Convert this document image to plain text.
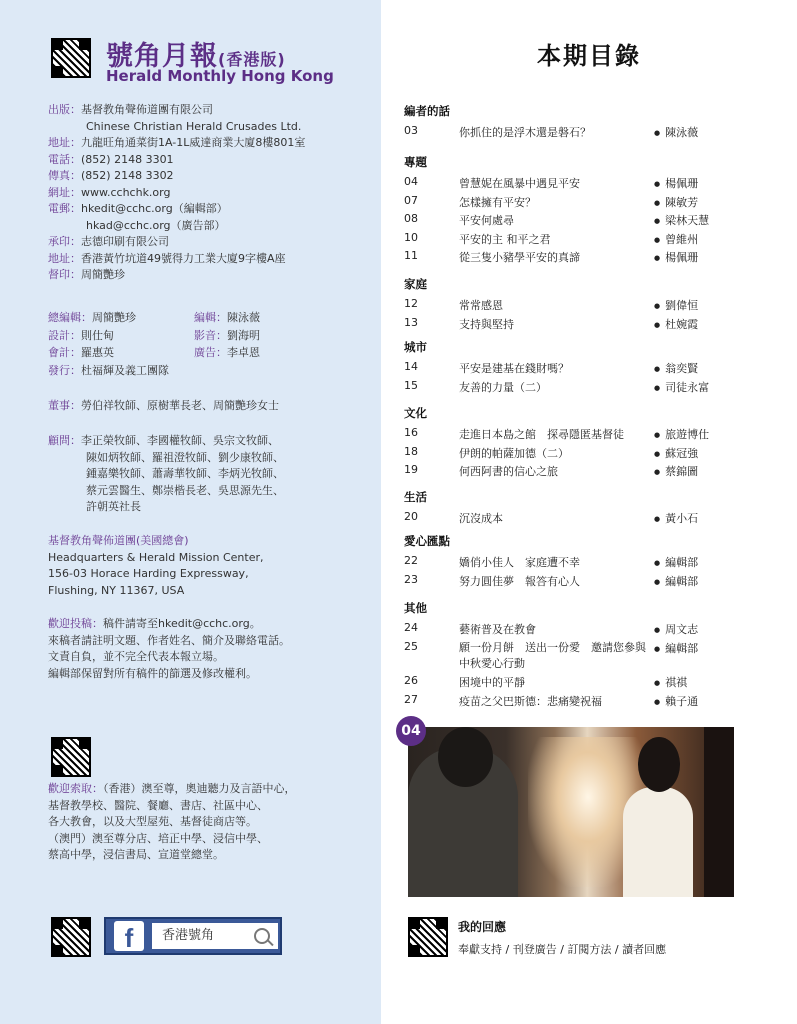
號角月報(香港版)
Herald Monthly Hong Kong
出版：基督教角聲佈道團有限公司
Chinese Christian Herald Crusades Ltd.
地址：九龍旺角通菜街1A-1L威達商業大廈8樓801室
電話：(852) 2148 3301
傳真：(852) 2148 3302
網址：www.cchchk.org
電郵：hkedit@cchc.org（編輯部）
hkad@cchc.org（廣告部）
承印：志德印刷有限公司
地址：香港黃竹坑道49號得力工業大廈9字樓A座
督印：周簡艷珍
總編輯：周簡艷珍	編輯：陳泳薇
設計：則仕甸	影音：劉海明
會計：羅惠英	廣告：李卓恩
發行：杜福輝及義工團隊
董事：勞伯祥牧師、原樹華長老、周簡艷珍女士
顧問：李正榮牧師、李國權牧師、吳宗文牧師、
陳如炳牧師、羅祖澄牧師、劉少康牧師、
鍾嘉樂牧師、蕭壽華牧師、李炳光牧師、
蔡元雲醫生、鄭崇楷長老、吳思源先生、
許朝英社長
基督教角聲佈道團(美國總會)
Headquarters & Herald Mission Center,
156-03 Horace Harding Expressway,
Flushing, NY 11367, USA
歡迎投稿：稿件請寄至hkedit@cchc.org。
來稿者請註明文題、作者姓名、簡介及聯絡電話。
文責自負，並不完全代表本報立場。
編輯部保留對所有稿件的篩選及修改權利。
歡迎索取：（香港）澳至尊，奧迪聽力及言語中心，
基督教學校、醫院、餐廳、書店、社區中心、
各大教會，以及大型屋苑、基督徒商店等。
（澳門）澳至尊分店、培正中學、浸信中學、
蔡高中學，浸信書局、宣道堂總堂。
f	香港號角
本期目錄
編者的話
03	你抓住的是浮木還是磐石？	● 陳泳薇
專題
04	曾慧妮在風暴中遇見平安	● 楊佩珊
07	怎樣擁有平安？	● 陳敏芳
08	平安何處尋	● 梁林天慧
10	平安的主 和平之君	● 曾維州
11	從三隻小豬學平安的真諦	● 楊佩珊
家庭
12	常常感恩	● 劉偉恒
13	支持與堅持	● 杜婉霞
城市
14	平安是建基在錢財嗎？	● 翁奕賢
15	友善的力量（二）	● 司徒永富
文化
16	走進日本島之館　探尋隱匿基督徒	● 旅遊博仕
18	伊朗的帕薩加德（二）	● 蘇冠強
19	何西阿書的信心之旅	● 蔡錦圖
生活
20	沉沒成本	● 黃小石
愛心匯點
22	嬌俏小佳人　家庭遭不幸	● 編輯部
23	努力圓佳夢　報答有心人	● 編輯部
其他
24	藝術普及在教會	● 周文志
25	願一份月餅　送出一份愛　邀請您參與中秋愛心行動
● 編輯部
26	困境中的平靜	● 祺祺
27	疫苗之父巴斯德：悲痛變祝福	● 賴子通
04
我的回應
奉獻支持 / 刊登廣告 / 訂閱方法 / 讀者回應
